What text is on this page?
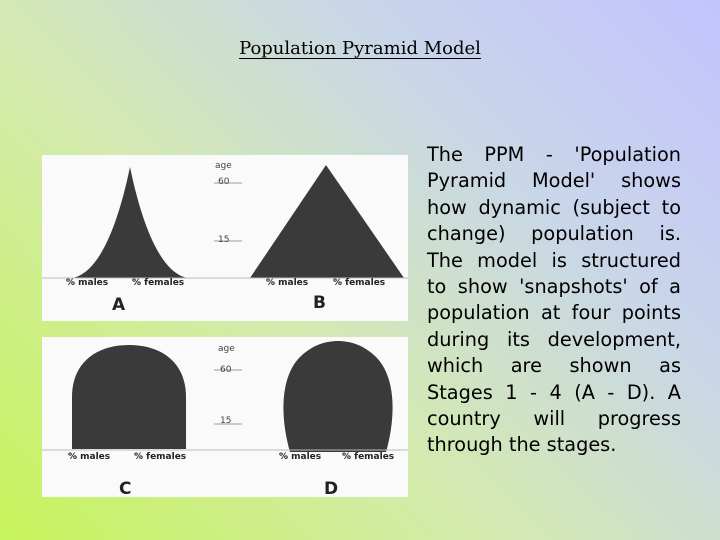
Population Pyramid Model
age
60
15
% males	% females	% males	% females
A	B
age
60
15
% males	% females	% males % females
C	D
The PPM - 'Population Pyramid Model' shows how dynamic (subject to change) population is. The model is structured to show 'snapshots' of a population at four points during its development, which are shown as Stages 1 - 4 (A - D). A country will progress through the stages.
